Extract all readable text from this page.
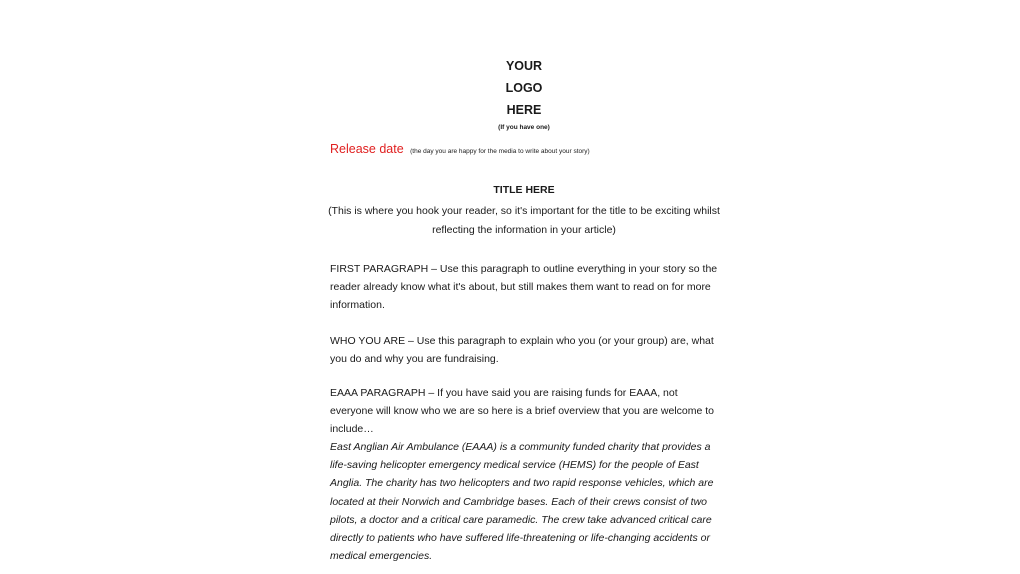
YOUR
LOGO
HERE
(If you have one)
Release date (the day you are happy for the media to write about your story)
TITLE HERE
(This is where you hook your reader, so it's important for the title to be exciting whilst reflecting the information in your article)

FIRST PARAGRAPH – Use this paragraph to outline everything in your story so the reader already know what it's about, but still makes them want to read on for more information.

WHO YOU ARE – Use this paragraph to explain who you (or your group) are, what you do and why you are fundraising.

EAAA PARAGRAPH – If you have said you are raising funds for EAAA, not everyone will know who we are so here is a brief overview that you are welcome to include…

East Anglian Air Ambulance (EAAA) is a community funded charity that provides a life-saving helicopter emergency medical service (HEMS) for the people of East Anglia. The charity has two helicopters and two rapid response vehicles, which are located at their Norwich and Cambridge bases. Each of their crews consist of two pilots, a doctor and a critical care paramedic. The crew take advanced critical care directly to patients who have suffered life-threatening or life-changing accidents or medical emergencies.
